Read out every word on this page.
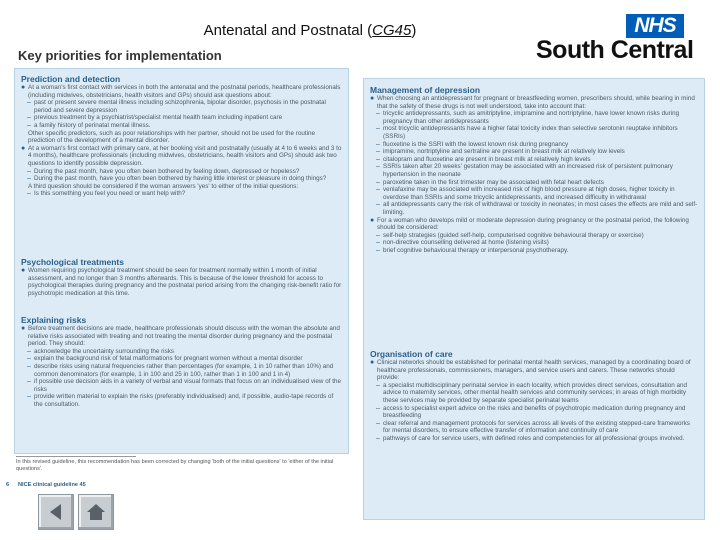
Antenatal and Postnatal (CG45)	NHS
South Central
Key priorities for implementation
Prediction and detection
● At a woman's first contact with services in both the antenatal and the postnatal periods, healthcare professionals (including midwives, obstetricians, health visitors and GPs) should ask questions about:
– past or present severe mental illness including schizophrenia, bipolar disorder, psychosis in the postnatal period and severe depression
– previous treatment by a psychiatrist/specialist mental health team including inpatient care
– a family history of perinatal mental illness.
Other specific predictors, such as poor relationships with her partner, should not be used for the routine prediction of the development of a mental disorder.
● At a woman's first contact with primary care, at her booking visit and postnatally (usually at 4 to 6 weeks and 3 to 4 months), healthcare professionals (including midwives, obstetricians, health visitors and GPs) should ask two questions to identify possible depression.
– During the past month, have you often been bothered by feeling down, depressed or hopeless?
– During the past month, have you often been bothered by having little interest or pleasure in doing things?
A third question should be considered if the woman answers 'yes' to either of the initial questions:
– Is this something you feel you need or want help with?
Psychological treatments
● Women requiring psychological treatment should be seen for treatment normally within 1 month of initial assessment, and no longer than 3 months afterwards. This is because of the lower threshold for access to psychological therapies during pregnancy and the postnatal period arising from the changing risk-benefit ratio for psychotropic medication at this time.
Explaining risks
● Before treatment decisions are made, healthcare professionals should discuss with the woman the absolute and relative risks associated with treating and not treating the mental disorder during pregnancy and the postnatal period. They should:
– acknowledge the uncertainty surrounding the risks
– explain the background risk of fetal malformations for pregnant women without a mental disorder
– describe risks using natural frequencies rather than percentages (for example, 1 in 10 rather than 10%) and common denominators (for example, 1 in 100 and 25 in 100, rather than 1 in 100 and 1 in 4)
– if possible use decision aids in a variety of verbal and visual formats that focus on an individualised view of the risks
– provide written material to explain the risks (preferably individualised) and, if possible, audio-tape records of the consultation.
Management of depression
● When choosing an antidepressant for pregnant or breastfeeding women, prescribers should, while bearing in mind that the safety of these drugs is not well understood, take into account that:
– tricyclic antidepressants, such as amitriptyline, imipramine and nortriptyline, have lower known risks during pregnancy than other antidepressants
– most tricyclic antidepressants have a higher fatal toxicity index than selective serotonin reuptake inhibitors (SSRIs)
– fluoxetine is the SSRI with the lowest known risk during pregnancy
– imipramine, nortriptyline and sertraline are present in breast milk at relatively low levels
– citalopram and fluoxetine are present in breast milk at relatively high levels
– SSRIs taken after 20 weeks' gestation may be associated with an increased risk of persistent pulmonary hypertension in the neonate
– paroxetine taken in the first trimester may be associated with fetal heart defects
– venlafaxine may be associated with increased risk of high blood pressure at high doses, higher toxicity in overdose than SSRIs and some tricyclic antidepressants, and increased difficulty in withdrawal
– all antidepressants carry the risk of withdrawal or toxicity in neonates; in most cases the effects are mild and self-limiting.
● For a woman who develops mild or moderate depression during pregnancy or the postnatal period, the following should be considered:
– self-help strategies (guided self-help, computerised cognitive behavioural therapy or exercise)
– non-directive counselling delivered at home (listening visits)
– brief cognitive behavioural therapy or interpersonal psychotherapy.
Organisation of care
● Clinical networks should be established for perinatal mental health services, managed by a coordinating board of healthcare professionals, commissioners, managers, and service users and carers. These networks should provide:
– a specialist multidisciplinary perinatal service in each locality, which provides direct services, consultation and advice to maternity services, other mental health services and community services; in areas of high morbidity these services may be provided by separate specialist perinatal teams
– access to specialist expert advice on the risks and benefits of psychotropic medication during pregnancy and breastfeeding
– clear referral and management protocols for services across all levels of the existing stepped-care frameworks for mental disorders, to ensure effective transfer of information and continuity of care
– pathways of care for service users, with defined roles and competencies for all professional groups involved.
In this revised guideline, this recommendation has been corrected by changing 'both of the initial questions' to 'either of the initial questions'.
6 NICE clinical guideline 45
